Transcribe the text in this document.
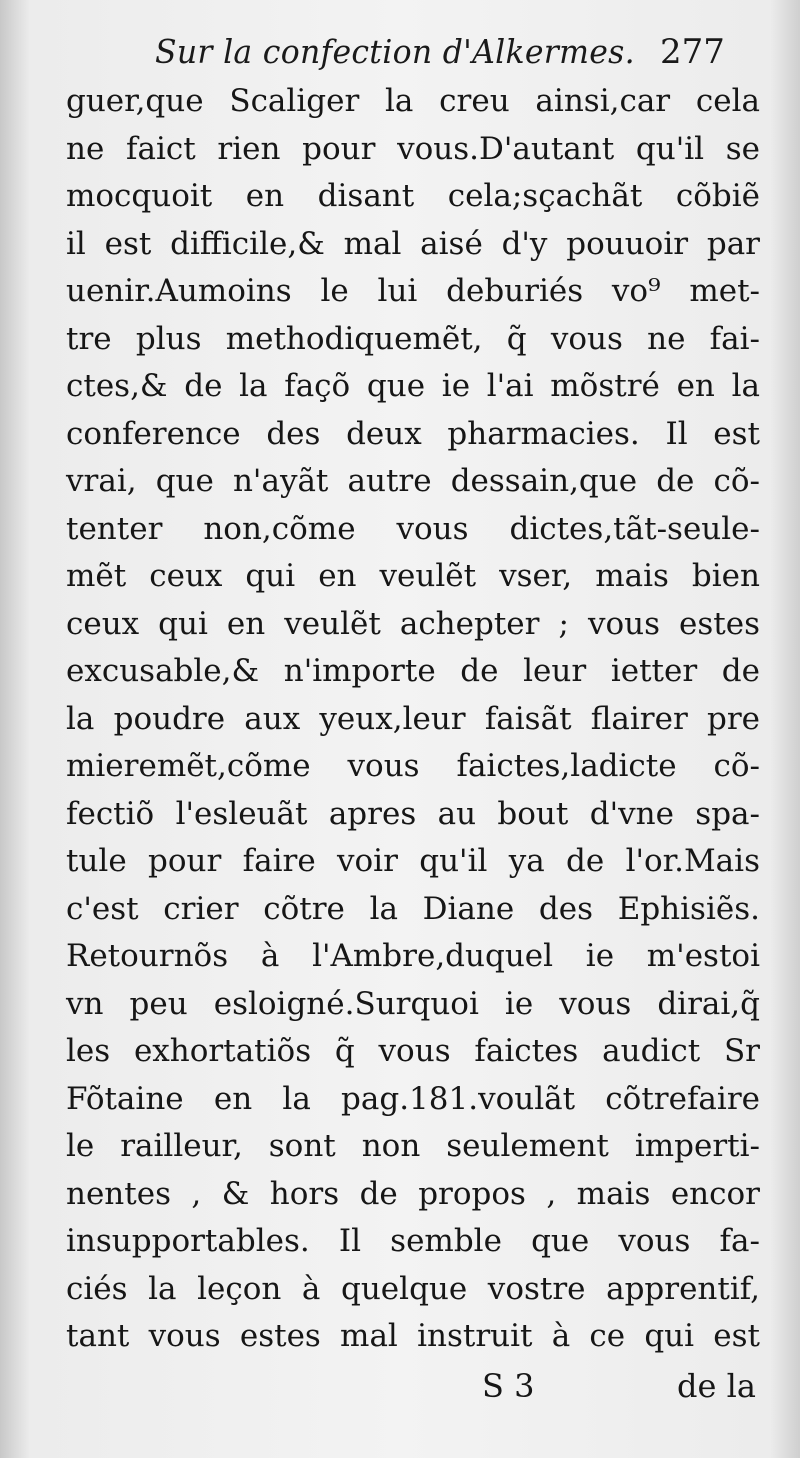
Sur la confection d'Alkermes. 277
guer,que Scaliger la creu ainsi,car cela
ne faict rien pour vous.D'autant qu'il se
mocquoit en disant cela;sçachãt cõbiẽ
il est difficile,& mal aisé d'y pouuoir par
uenir.Aumoins le lui deburiés vo⁹ met-
tre plus methodiquemẽt, q̃ vous ne fai-
ctes,& de la façõ que ie l'ai mõstré en la
conference des deux pharmacies. Il est
vrai, que n'ayãt autre dessain,que de cõ-
tenter non,cõme vous dictes,tãt-seule-
mẽt ceux qui en veulẽt vser, mais bien
ceux qui en veulẽt achepter ; vous estes
excusable,& n'importe de leur ietter de
la poudre aux yeux,leur faisãt flairer pre
mieremẽt,cõme vous faictes,ladicte cõ-
fectiõ l'esleuãt apres au bout d'vne spa-
tule pour faire voir qu'il ya de l'or.Mais
c'est crier cõtre la Diane des Ephisiẽs.
Retournõs à l'Ambre,duquel ie m'estoi
vn peu esloigné.Surquoi ie vous dirai,q̃
les exhortatiõs q̃ vous faictes audict Sr
Fõtaine en la pag.181.voulãt cõtrefaire
le railleur, sont non seulement imperti-
nentes , & hors de propos , mais encor
insupportables. Il semble que vous fa-
ciés la leçon à quelque vostre apprentif,
tant vous estes mal instruit à ce qui est
S 3	de la
